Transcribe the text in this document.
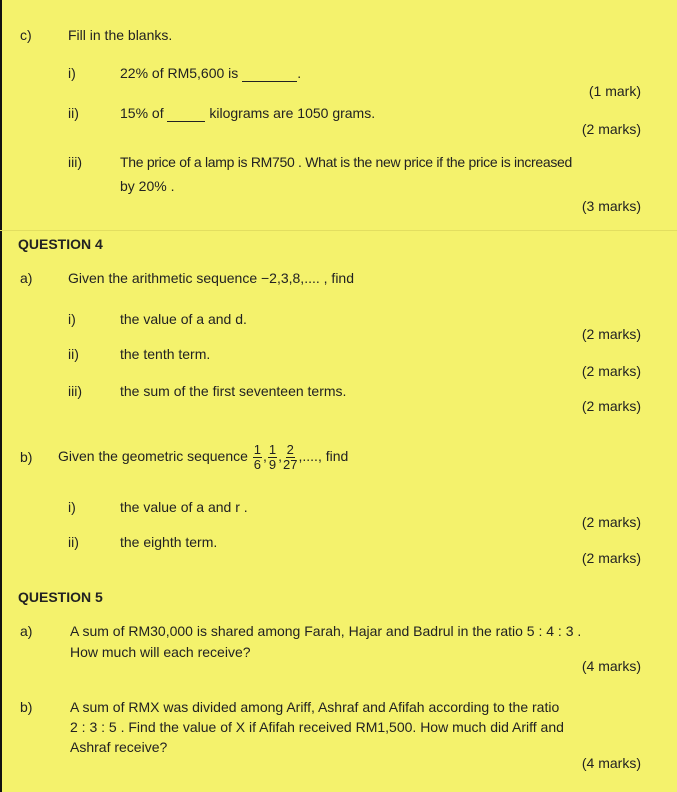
c)	Fill in the blanks.
i)	22% of RM5,600 is	.
(1 mark)
ii)	15% of	kilograms are 1050 grams.
(2 marks)
iii)	The price of a lamp is RM750 . What is the new price if the price is increased
by 20% .
(3 marks)
QUESTION 4
a)	Given the arithmetic sequence −2,3,8,.... , find
i)	the value of a and d.
(2 marks)
ii)	the tenth term.
(2 marks)
iii)	the sum of the first seventeen terms.
(2 marks)
b) Given the geometric sequence $\frac{1}{6}$ , $\frac{1}{9}$ , $\frac{2}{27}$ ,...., find
i)	the value of a and r .
(2 marks)
ii)	the eighth term.
(2 marks)
QUESTION 5
a)	A sum of RM30,000 is shared among Farah, Hajar and Badrul in the ratio 5 : 4 : 3 .
How much will each receive?
(4 marks)
b)	A sum of RMX was divided among Ariff, Ashraf and Afifah according to the ratio
2 : 3 : 5 . Find the value of X if Afifah received RM1,500. How much did Ariff and
Ashraf receive?
(4 marks)
